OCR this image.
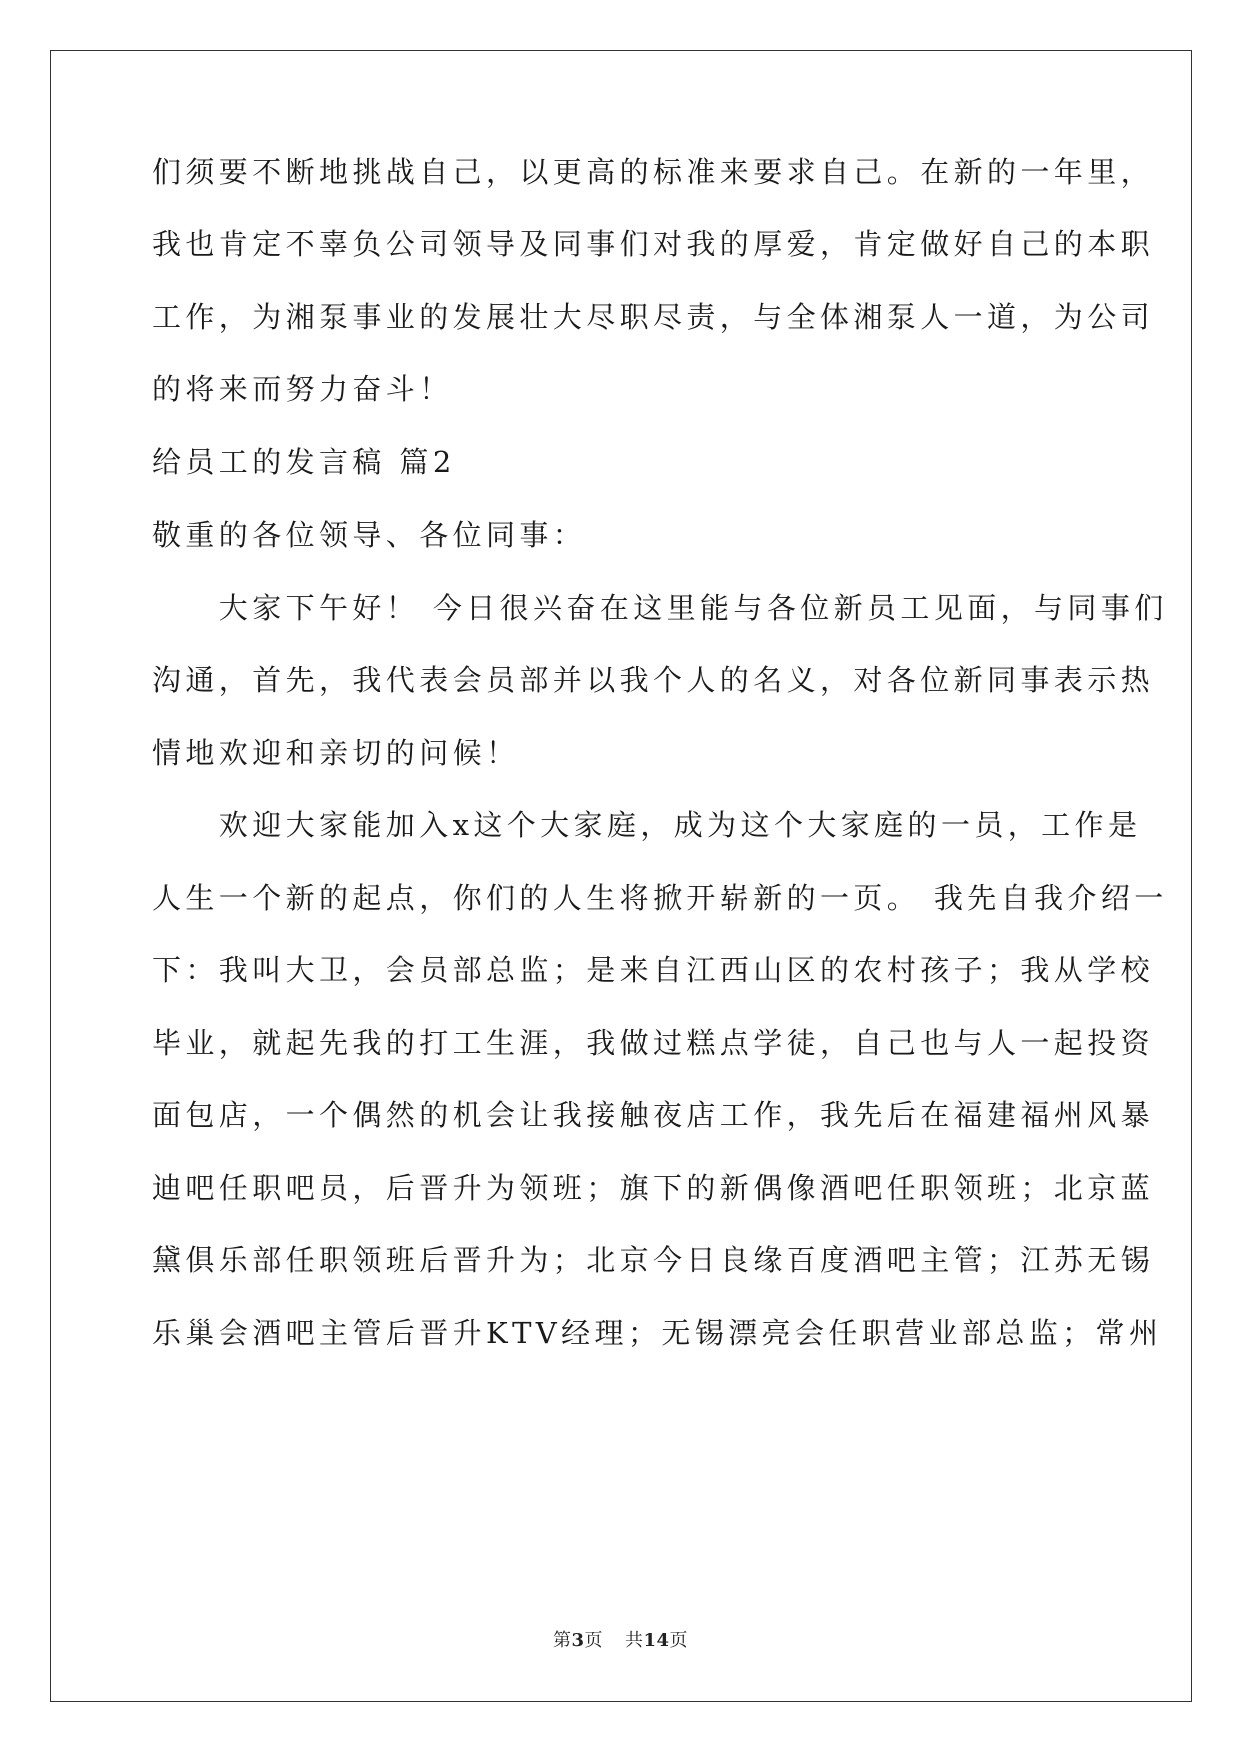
们须要不断地挑战自己，以更高的标准来要求自己。在新的一年里，
我也肯定不辜负公司领导及同事们对我的厚爱，肯定做好自己的本职
工作，为湘泵事业的发展壮大尽职尽责，与全体湘泵人一道，为公司
的将来而努力奋斗！
给员工的发言稿 篇2
敬重的各位领导、各位同事：
　　大家下午好！ 今日很兴奋在这里能与各位新员工见面，与同事们
沟通，首先，我代表会员部并以我个人的名义，对各位新同事表示热
情地欢迎和亲切的问候！
　　欢迎大家能加入x这个大家庭，成为这个大家庭的一员，工作是
人生一个新的起点，你们的人生将掀开崭新的一页。 我先自我介绍一
下：我叫大卫，会员部总监；是来自江西山区的农村孩子；我从学校
毕业，就起先我的打工生涯，我做过糕点学徒，自己也与人一起投资
面包店，一个偶然的机会让我接触夜店工作，我先后在福建福州风暴
迪吧任职吧员，后晋升为领班；旗下的新偶像酒吧任职领班；北京蓝
黛俱乐部任职领班后晋升为；北京今日良缘百度酒吧主管；江苏无锡
乐巢会酒吧主管后晋升KTV经理；无锡漂亮会任职营业部总监；常州
第3页 共14页
